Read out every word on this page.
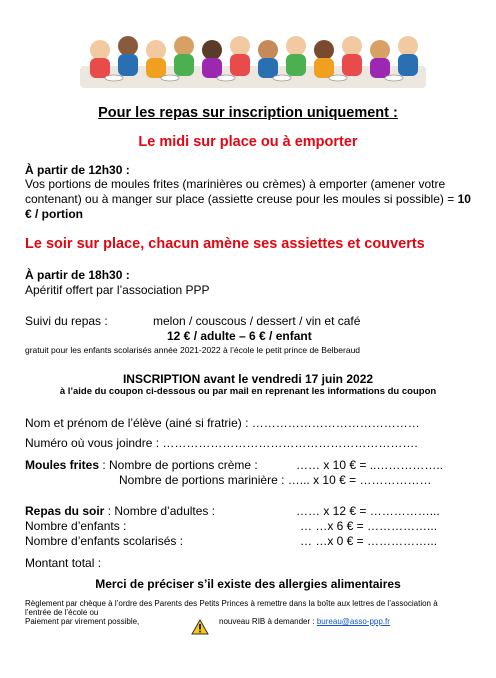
Pour les repas sur inscription uniquement :
Le midi sur place ou à emporter
À partir de 12h30 :
Vos portions de moules frites (marinières ou crèmes) à emporter (amener votre contenant) ou à manger sur place (assiette creuse pour les moules si possible) = 10 € / portion
Le soir sur place, chacun amène ses assiettes et couverts
À partir de 18h30 :
Apéritif offert par l’association PPP
Suivi du repas :	melon / couscous / dessert / vin et café
12 € / adulte – 6 € / enfant
gratuit pour les enfants scolarisés année 2021-2022 à l’école le petit prince de Belberaud
INSCRIPTION avant le vendredi 17 juin 2022
à l’aide du coupon ci-dessous ou par mail en reprenant les informations du coupon
Nom et prénom de l’élève (ainé si fratrie) : ……………………………………
Numéro où vous joindre : ……………………………………………………….
Moules frites : Nombre de portions crème :	…… x 10 € = ..……………..
Nombre de portions marinière : …... x 10 € = ………………
Repas du soir : Nombre d’adultes :	…… x 12 € = ……………...
Nombre d’enfants :	… …x 6 € = ……………...
Nombre d’enfants scolarisés :	… …x 0 € = ……………...
Montant total :
Merci de préciser s’il existe des allergies alimentaires
Règlement par chèque à l’ordre des Parents des Petits Princes à remettre dans la boîte aux lettres de l’association à
l’entrée de l’école ou
Paiement par virement possible,	nouveau RIB à demander : bureau@asso-ppp.fr
